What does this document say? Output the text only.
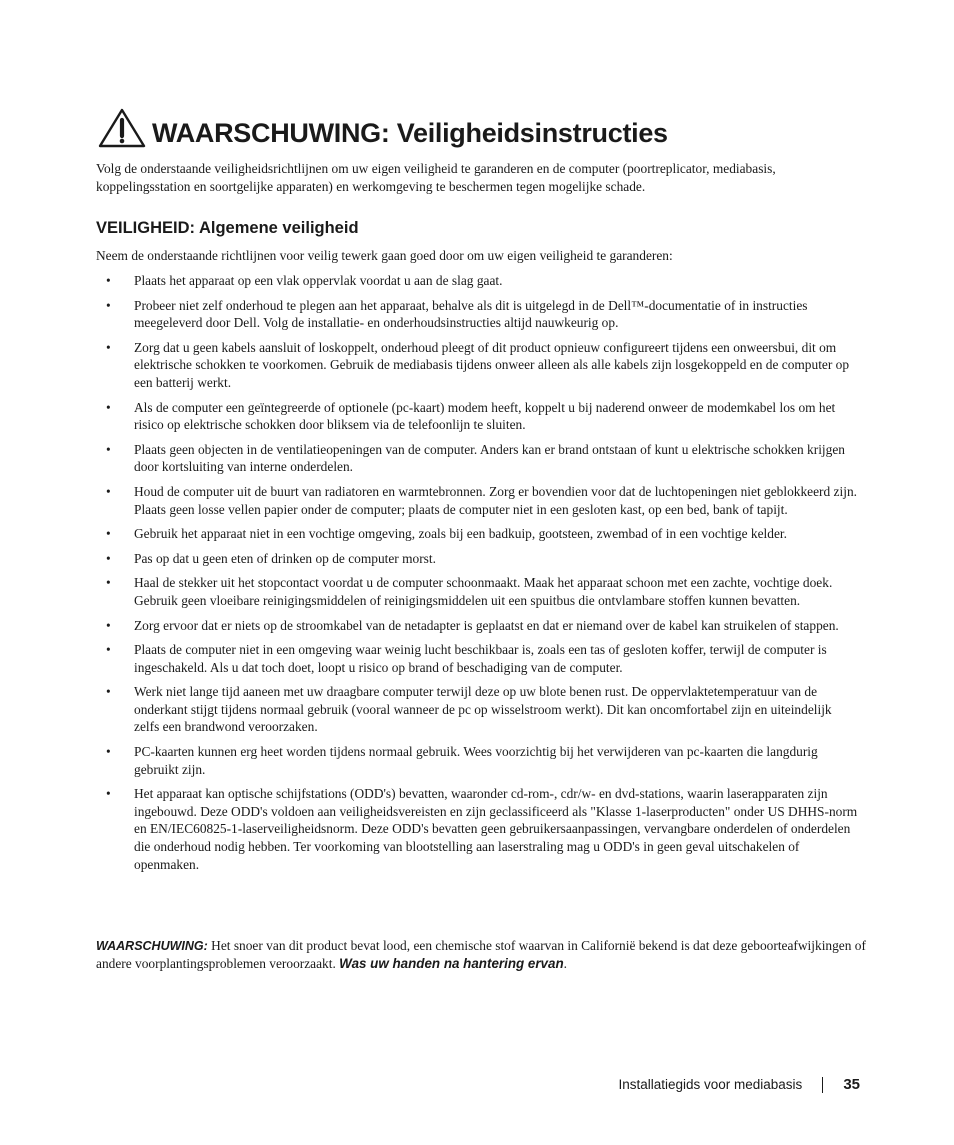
WAARSCHUWING: Veiligheidsinstructies

Volg de onderstaande veiligheidsrichtlijnen om uw eigen veiligheid te garanderen en de computer (poortreplicator, mediabasis, koppelingsstation en soortgelijke apparaten) en werkomgeving te beschermen tegen mogelijke schade.

VEILIGHEID: Algemene veiligheid

Neem de onderstaande richtlijnen voor veilig tewerk gaan goed door om uw eigen veiligheid te garanderen:

• Plaats het apparaat op een vlak oppervlak voordat u aan de slag gaat.
• Probeer niet zelf onderhoud te plegen aan het apparaat, behalve als dit is uitgelegd in de Dell™-documentatie of in instructies meegeleverd door Dell. Volg de installatie- en onderhoudsinstructies altijd nauwkeurig op.
• Zorg dat u geen kabels aansluit of loskoppelt, onderhoud pleegt of dit product opnieuw configureert tijdens een onweersbui, dit om elektrische schokken te voorkomen. Gebruik de mediabasis tijdens onweer alleen als alle kabels zijn losgekoppeld en de computer op een batterij werkt.
• Als de computer een geïntegreerde of optionele (pc-kaart) modem heeft, koppelt u bij naderend onweer de modemkabel los om het risico op elektrische schokken door bliksem via de telefoonlijn te sluiten.
• Plaats geen objecten in de ventilatieopeningen van de computer. Anders kan er brand ontstaan of kunt u elektrische schokken krijgen door kortsluiting van interne onderdelen.
• Houd de computer uit de buurt van radiatoren en warmtebronnen. Zorg er bovendien voor dat de luchtopeningen niet geblokkeerd zijn. Plaats geen losse vellen papier onder de computer; plaats de computer niet in een gesloten kast, op een bed, bank of tapijt.
• Gebruik het apparaat niet in een vochtige omgeving, zoals bij een badkuip, gootsteen, zwembad of in een vochtige kelder.
• Pas op dat u geen eten of drinken op de computer morst.
• Haal de stekker uit het stopcontact voordat u de computer schoonmaakt. Maak het apparaat schoon met een zachte, vochtige doek. Gebruik geen vloeibare reinigingsmiddelen of reinigingsmiddelen uit een spuitbus die ontvlambare stoffen kunnen bevatten.
• Zorg ervoor dat er niets op de stroomkabel van de netadapter is geplaatst en dat er niemand over de kabel kan struikelen of stappen.
• Plaats de computer niet in een omgeving waar weinig lucht beschikbaar is, zoals een tas of gesloten koffer, terwijl de computer is ingeschakeld. Als u dat toch doet, loopt u risico op brand of beschadiging van de computer.
• Werk niet lange tijd aaneen met uw draagbare computer terwijl deze op uw blote benen rust. De oppervlaktetemperatuur van de onderkant stijgt tijdens normaal gebruik (vooral wanneer de pc op wisselstroom werkt). Dit kan oncomfortabel zijn en uiteindelijk zelfs een brandwond veroorzaken.
• PC-kaarten kunnen erg heet worden tijdens normaal gebruik. Wees voorzichtig bij het verwijderen van pc-kaarten die langdurig gebruikt zijn.
• Het apparaat kan optische schijfstations (ODD's) bevatten, waaronder cd-rom-, cdr/w- en dvd-stations, waarin laserapparaten zijn ingebouwd. Deze ODD's voldoen aan veiligheidsvereisten en zijn geclassificeerd als "Klasse 1-laserproducten" onder US DHHS-norm en EN/IEC60825-1-laserveiligheidsnorm. Deze ODD's bevatten geen gebruikersaanpassingen, vervangbare onderdelen of onderdelen die onderhoud nodig hebben. Ter voorkoming van blootstelling aan laserstraling mag u ODD's in geen geval uitschakelen of openmaken.

WAARSCHUWING: Het snoer van dit product bevat lood, een chemische stof waarvan in Californië bekend is dat deze geboorteafwijkingen of andere voorplantingsproblemen veroorzaakt. Was uw handen na hantering ervan.

Installatiegids voor mediabasis	35
